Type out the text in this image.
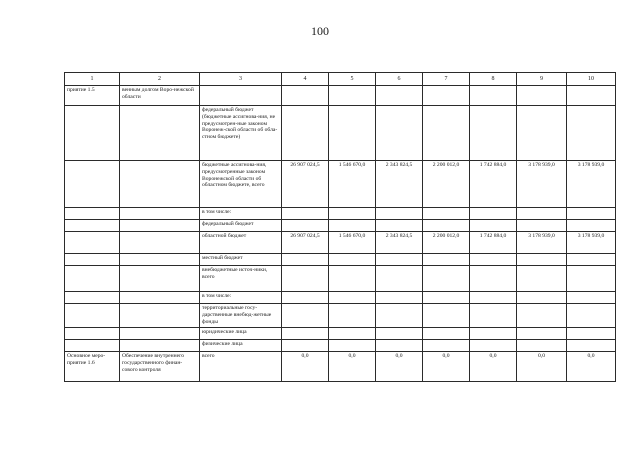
100
1	2	3	4	5	6	7	8	9	10
приятие 1.5	венным долгом Воро-нежской области								
		федеральный бюджет (бюджетные ассигнова-ния, не предусмотрен-ные законом Воронеж-ской области об обла-стном бюджете)							
		бюджетные ассигнова-ния, предусмотренные законом Воронежской области об областном бюджете, всего	26 907 024,5	1 546 670,0	2 343 824,5	2 200 012,0	1 742 884,0	3 178 939,0	3 178 939,0
		в том числе:							
		федеральный бюджет							
		областной бюджет	26 907 024,5	1 546 670,0	2 343 824,5	2 200 012,0	1 742 884,0	3 178 939,0	3 178 939,0
		местный бюджет							
		внебюджетные источ-ники, всего							
		в том числе:							
		территориальные госу-дарственные внебюд-жетные фонды							
		юридические лица							
		физические лица							
Основное меро-приятие 1.6	Обеспечение внутреннего государственного финан-сового контроля	всего	0,0	0,0	0,0	0,0	0,0	0,0	0,0
